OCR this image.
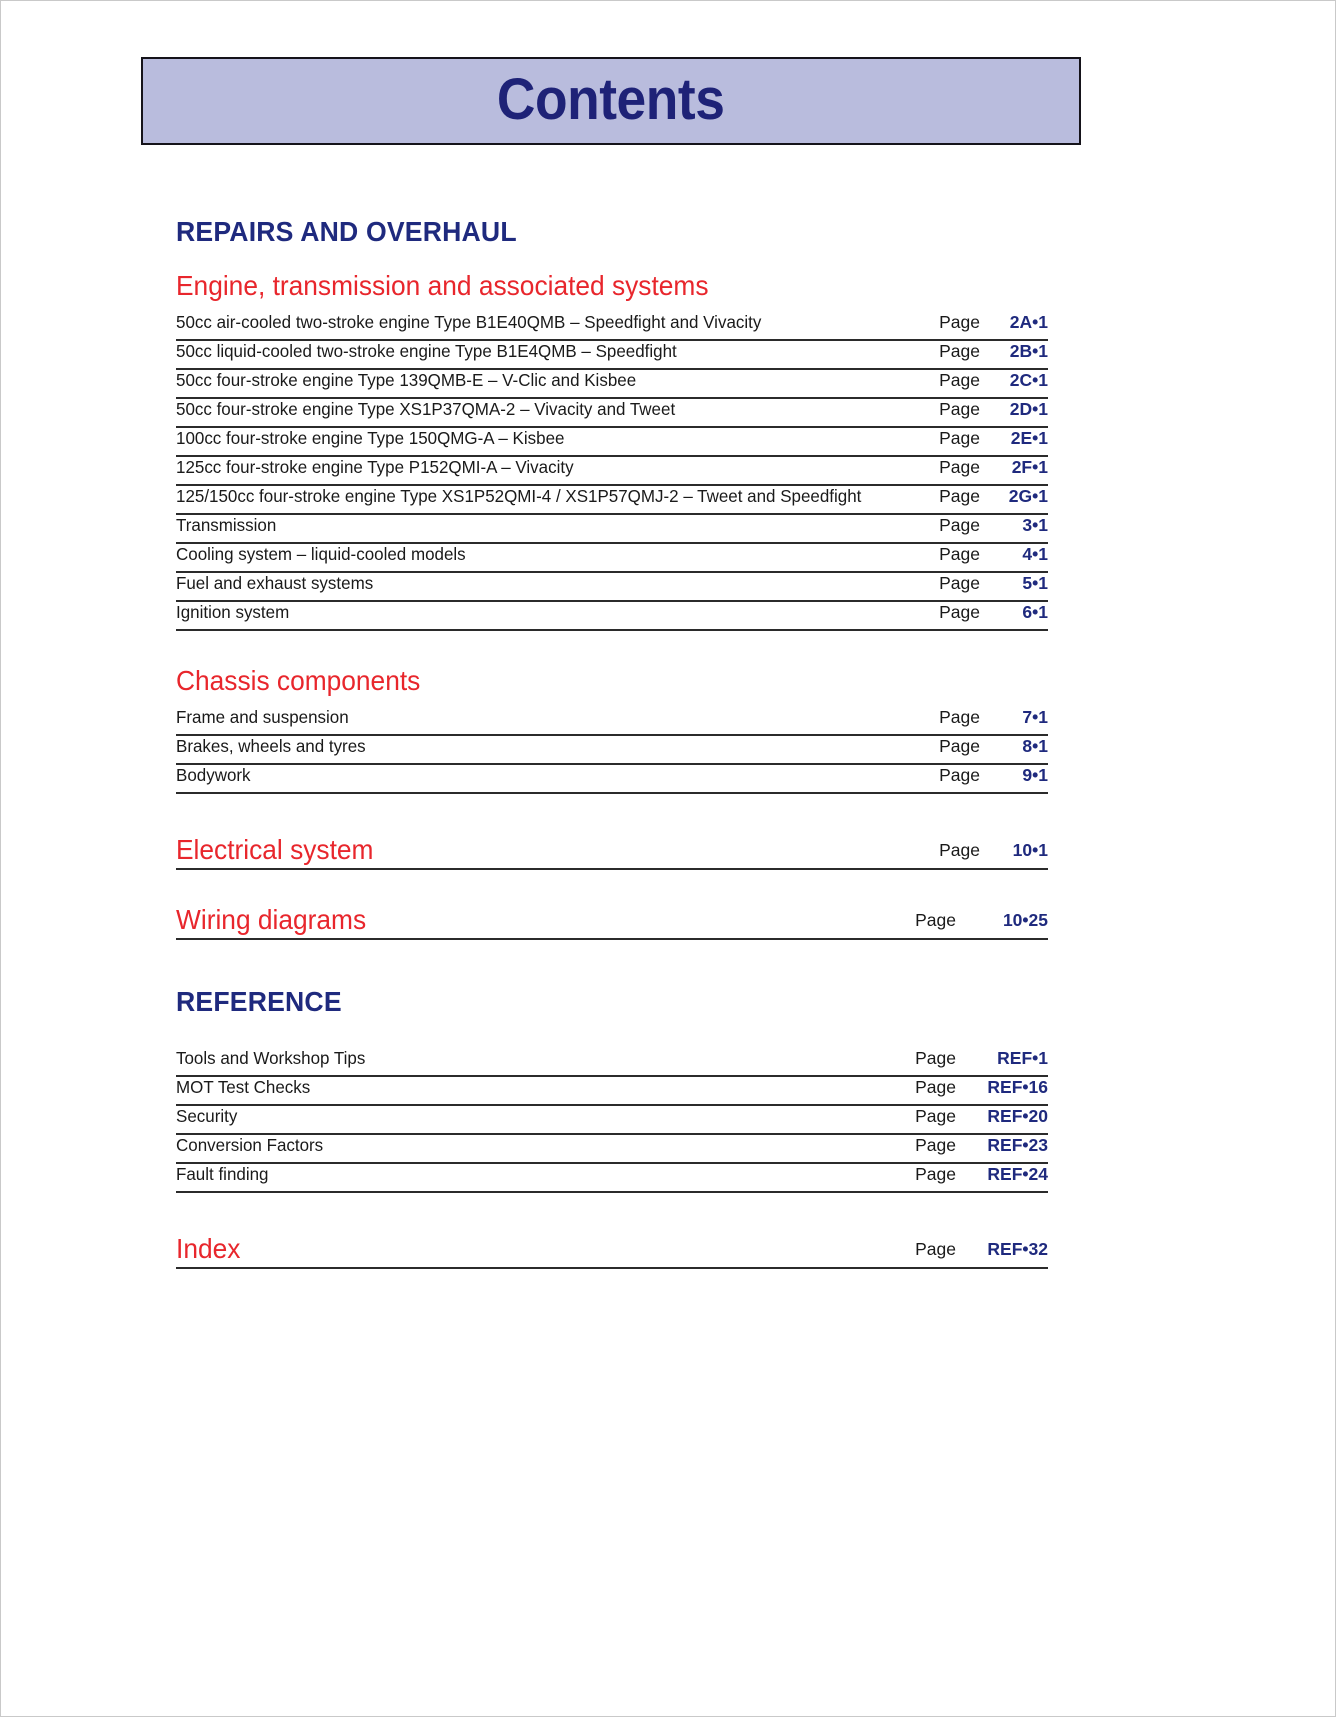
Contents
REPAIRS AND OVERHAUL
Engine, transmission and associated systems
50cc air-cooled two-stroke engine Type B1E40QMB – Speedfight and Vivacity	Page	2A•1
50cc liquid-cooled two-stroke engine Type B1E4QMB – Speedfight	Page	2B•1
50cc four-stroke engine Type 139QMB-E – V-Clic and Kisbee	Page	2C•1
50cc four-stroke engine Type XS1P37QMA-2 – Vivacity and Tweet	Page	2D•1
100cc four-stroke engine Type 150QMG-A – Kisbee	Page	2E•1
125cc four-stroke engine Type P152QMI-A – Vivacity	Page	2F•1
125/150cc four-stroke engine Type XS1P52QMI-4 / XS1P57QMJ-2 – Tweet and Speedfight	Page	2G•1
Transmission	Page	3•1
Cooling system – liquid-cooled models	Page	4•1
Fuel and exhaust systems	Page	5•1
Ignition system	Page	6•1
Chassis components
Frame and suspension	Page	7•1
Brakes, wheels and tyres	Page	8•1
Bodywork	Page	9•1
Electrical system	Page	10•1
Wiring diagrams	Page	10•25
REFERENCE
Tools and Workshop Tips	Page	REF•1
MOT Test Checks	Page	REF•16
Security	Page	REF•20
Conversion Factors	Page	REF•23
Fault finding	Page	REF•24
Index	Page	REF•32
